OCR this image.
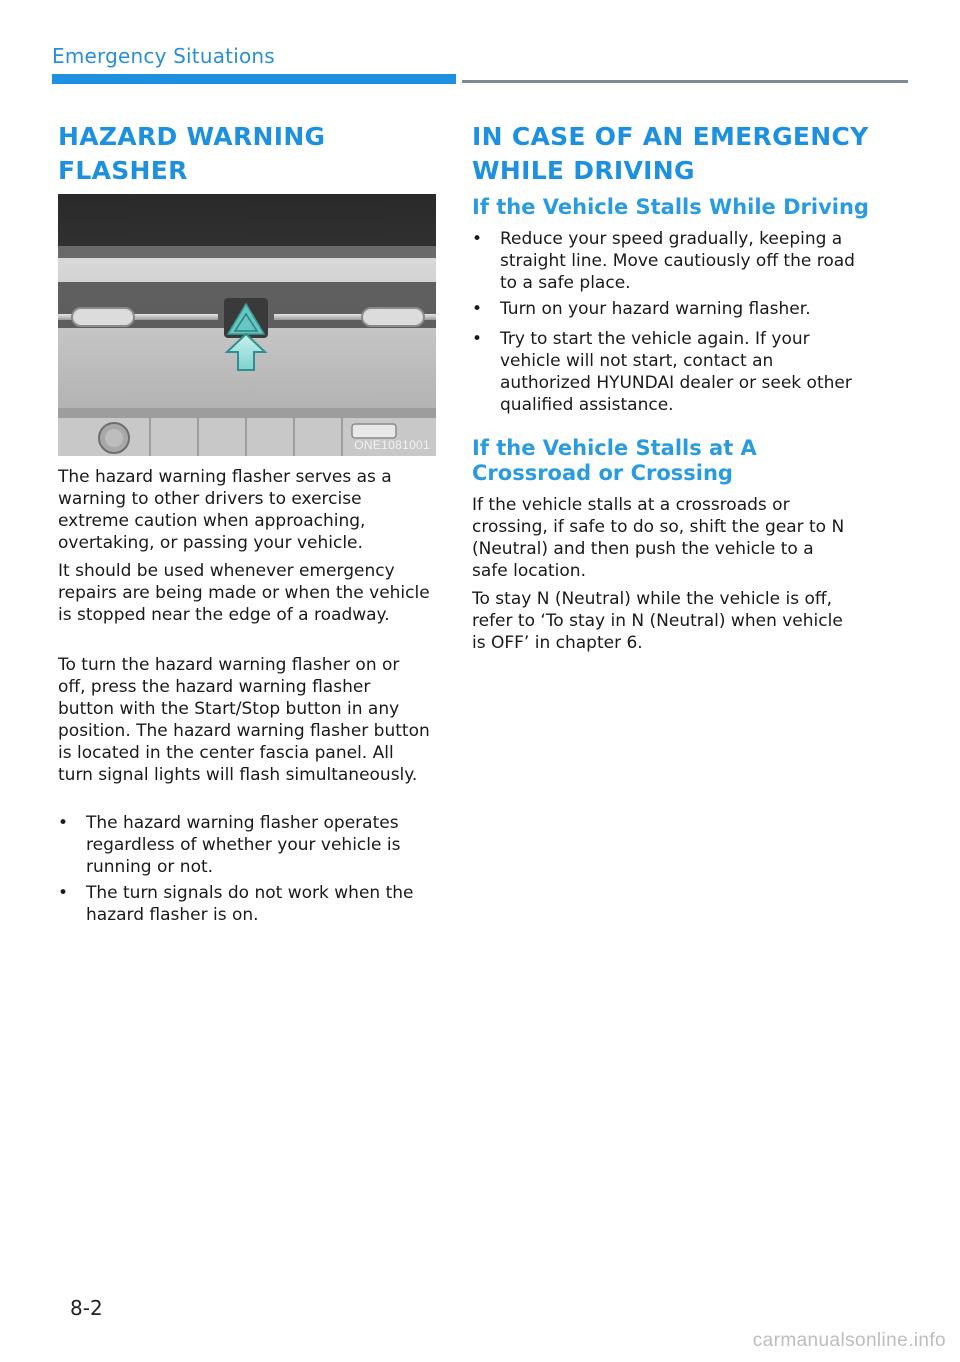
Emergency Situations
HAZARD WARNING
FLASHER
ONE1081001

The hazard warning flasher serves as a warning to other drivers to exercise extreme caution when approaching, overtaking, or passing your vehicle.

It should be used whenever emergency repairs are being made or when the vehicle is stopped near the edge of a roadway.

To turn the hazard warning flasher on or off, press the hazard warning flasher button with the Start/Stop button in any position. The hazard warning flasher button is located in the center fascia panel. All turn signal lights will flash simultaneously.

•	The hazard warning flasher operates regardless of whether your vehicle is running or not.
•	The turn signals do not work when the hazard flasher is on.
IN CASE OF AN EMERGENCY
WHILE DRIVING
If the Vehicle Stalls While Driving
•	Reduce your speed gradually, keeping a straight line. Move cautiously off the road to a safe place.
•	Turn on your hazard warning flasher.
•	Try to start the vehicle again. If your vehicle will not start, contact an authorized HYUNDAI dealer or seek other qualified assistance.
If the Vehicle Stalls at A
Crossroad or Crossing

If the vehicle stalls at a crossroads or crossing, if safe to do so, shift the gear to N (Neutral) and then push the vehicle to a safe location.

To stay N (Neutral) while the vehicle is off, refer to ‘To stay in N (Neutral) when vehicle is OFF’ in chapter 6.

8-2
carmanualsonline.info
